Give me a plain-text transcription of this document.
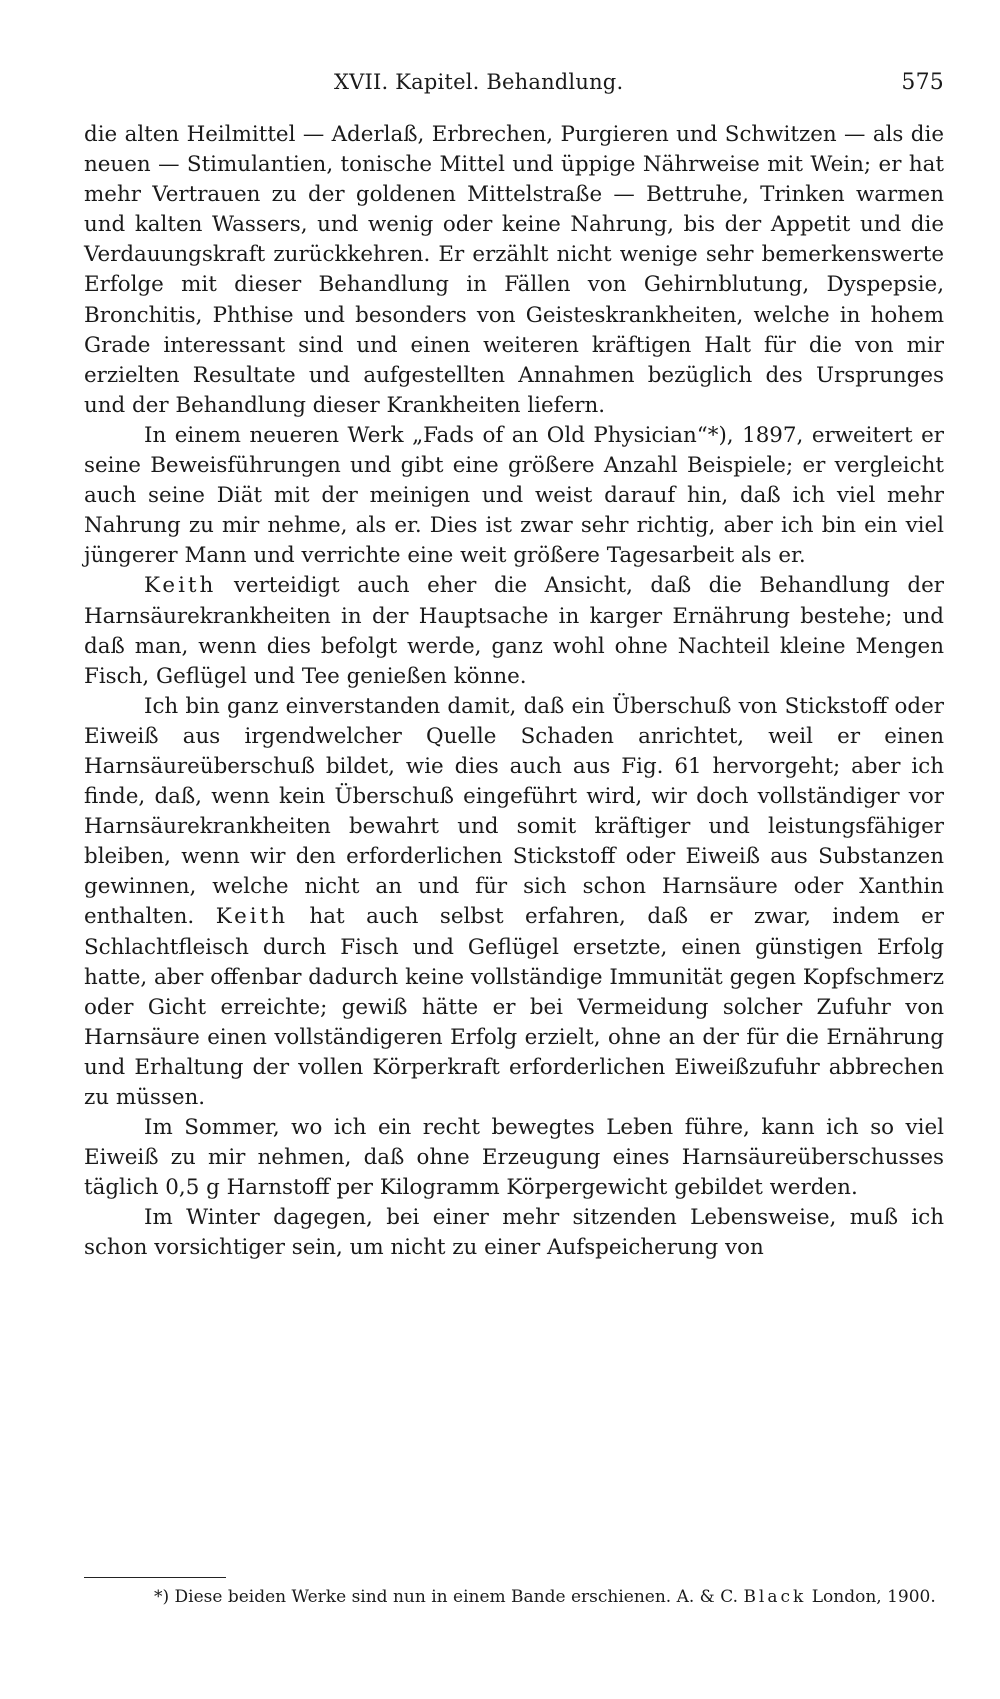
XVII. Kapitel. Behandlung.	575

die alten Heilmittel — Aderlaß, Erbrechen, Purgieren und Schwitzen — als die neuen — Stimulantien, tonische Mittel und üppige Nährweise mit Wein; er hat mehr Vertrauen zu der goldenen Mittelstraße — Bettruhe, Trinken warmen und kalten Wassers, und wenig oder keine Nahrung, bis der Appetit und die Verdauungskraft zurückkehren. Er erzählt nicht wenige sehr bemerkenswerte Erfolge mit dieser Behandlung in Fällen von Gehirnblutung, Dyspepsie, Bronchitis, Phthise und besonders von Geisteskrankheiten, welche in hohem Grade interessant sind und einen weiteren kräftigen Halt für die von mir erzielten Resultate und aufgestellten Annahmen bezüglich des Ursprunges und der Behandlung dieser Krankheiten liefern.

In einem neueren Werk „Fads of an Old Physician“*), 1897, erweitert er seine Beweisführungen und gibt eine größere Anzahl Beispiele; er vergleicht auch seine Diät mit der meinigen und weist darauf hin, daß ich viel mehr Nahrung zu mir nehme, als er. Dies ist zwar sehr richtig, aber ich bin ein viel jüngerer Mann und verrichte eine weit größere Tagesarbeit als er.

Keith verteidigt auch eher die Ansicht, daß die Behandlung der Harnsäurekrankheiten in der Hauptsache in karger Ernährung bestehe; und daß man, wenn dies befolgt werde, ganz wohl ohne Nachteil kleine Mengen Fisch, Geflügel und Tee genießen könne.

Ich bin ganz einverstanden damit, daß ein Überschuß von Stickstoff oder Eiweiß aus irgendwelcher Quelle Schaden anrichtet, weil er einen Harnsäureüberschuß bildet, wie dies auch aus Fig. 61 hervorgeht; aber ich finde, daß, wenn kein Überschuß eingeführt wird, wir doch vollständiger vor Harnsäurekrankheiten bewahrt und somit kräftiger und leistungsfähiger bleiben, wenn wir den erforderlichen Stickstoff oder Eiweiß aus Substanzen gewinnen, welche nicht an und für sich schon Harnsäure oder Xanthin enthalten. Keith hat auch selbst erfahren, daß er zwar, indem er Schlachtfleisch durch Fisch und Geflügel ersetzte, einen günstigen Erfolg hatte, aber offenbar dadurch keine vollständige Immunität gegen Kopfschmerz oder Gicht erreichte; gewiß hätte er bei Vermeidung solcher Zufuhr von Harnsäure einen vollständigeren Erfolg erzielt, ohne an der für die Ernährung und Erhaltung der vollen Körperkraft erforderlichen Eiweißzufuhr abbrechen zu müssen.

Im Sommer, wo ich ein recht bewegtes Leben führe, kann ich so viel Eiweiß zu mir nehmen, daß ohne Erzeugung eines Harnsäureüberschusses täglich 0,5 g Harnstoff per Kilogramm Körpergewicht gebildet werden.

Im Winter dagegen, bei einer mehr sitzenden Lebensweise, muß ich schon vorsichtiger sein, um nicht zu einer Aufspeicherung von

*) Diese beiden Werke sind nun in einem Bande erschienen. A. & C. Black London, 1900.
